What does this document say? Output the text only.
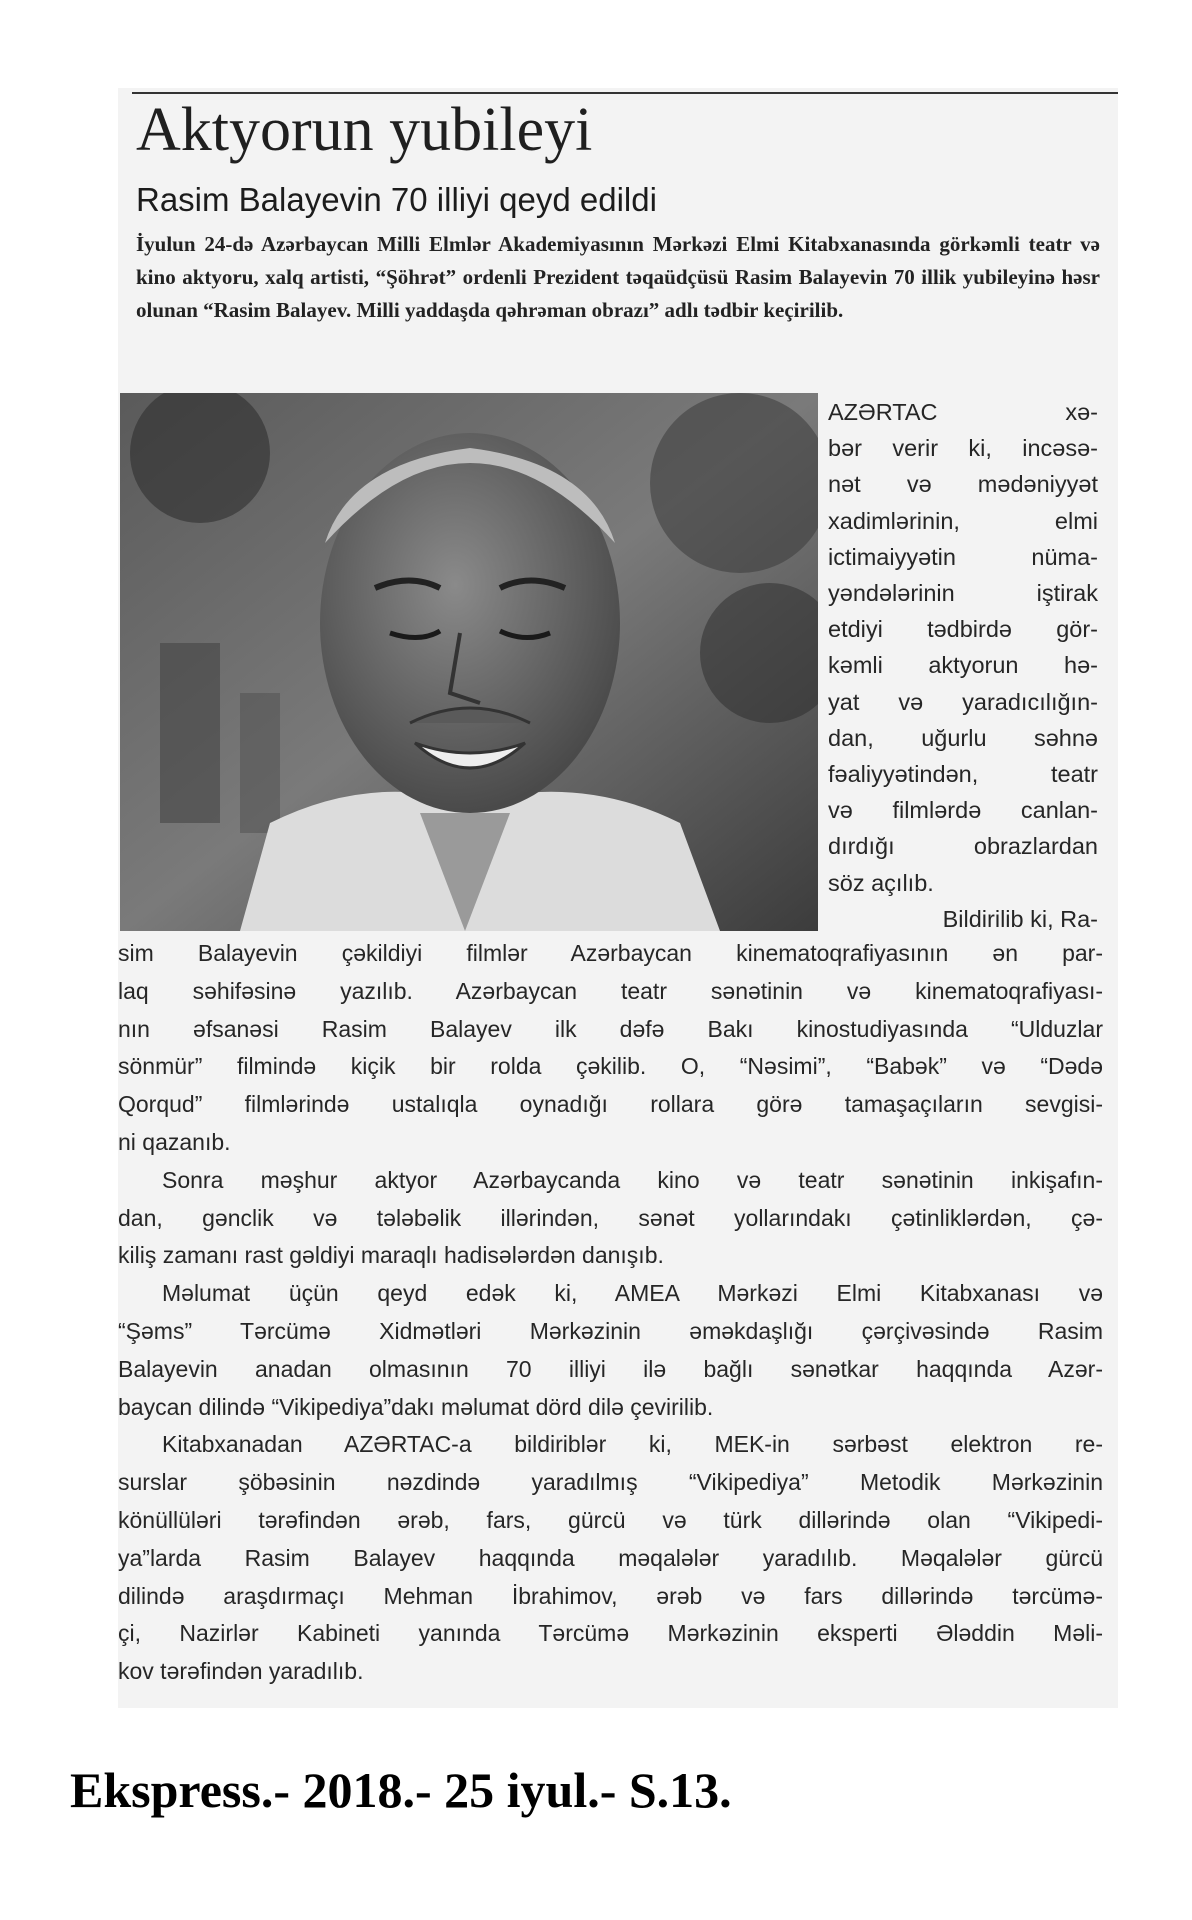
Aktyorun yubileyi
Rasim Balayevin 70 illiyi qeyd edildi
İyulun 24-də Azərbaycan Milli Elmlər Akademiyasının Mərkəzi Elmi Kitabxanasında görkəmli teatr və kino aktyoru, xalq artisti, “Şöhrət” ordenli Prezident təqaüdçüsü Rasim Balayevin 70 illik yubileyinə həsr olunan “Rasim Balayev. Milli yaddaşda qəhrəman obrazı” adlı tədbir keçirilib.
AZƏRTAC xə-
bər verir ki, incəsə-
nət və mədəniyyət
xadimlərinin, elmi
ictimaiyyətin nüma-
yəndələrinin iştirak
etdiyi tədbirdə gör-
kəmli aktyorun hə-
yat və yaradıcılığın-
dan, uğurlu səhnə
fəaliyyətindən, teatr
və filmlərdə canlan-
dırdığı obrazlardan
söz açılıb.
Bildirilib ki, Ra-
sim Balayevin çəkildiyi filmlər Azərbaycan kinematoqrafiyasının ən par-
laq səhifəsinə yazılıb. Azərbaycan teatr sənətinin və kinematoqrafiyası-
nın əfsanəsi Rasim Balayev ilk dəfə Bakı kinostudiyasında “Ulduzlar
sönmür” filmində kiçik bir rolda çəkilib. O, “Nəsimi”, “Babək” və “Dədə
Qorqud” filmlərində ustalıqla oynadığı rollara görə tamaşaçıların sevgisi-
ni qazanıb.
Sonra məşhur aktyor Azərbaycanda kino və teatr sənətinin inkişafın-
dan, gənclik və tələbəlik illərindən, sənət yollarındakı çətinliklərdən, çə-
kiliş zamanı rast gəldiyi maraqlı hadisələrdən danışıb.
Məlumat üçün qeyd edək ki, AMEA Mərkəzi Elmi Kitabxanası və
“Şəms” Tərcümə Xidmətləri Mərkəzinin əməkdaşlığı çərçivəsində Rasim
Balayevin anadan olmasının 70 illiyi ilə bağlı sənətkar haqqında Azər-
baycan dilində “Vikipediya”dakı məlumat dörd dilə çevirilib.
Kitabxanadan AZƏRTAC-a bildiriblər ki, MEK-in sərbəst elektron re-
surslar şöbəsinin nəzdində yaradılmış “Vikipediya” Metodik Mərkəzinin
könüllüləri tərəfindən ərəb, fars, gürcü və türk dillərində olan “Vikipedi-
ya”larda Rasim Balayev haqqında məqalələr yaradılıb. Məqalələr gürcü
dilində araşdırmaçı Mehman İbrahimov, ərəb və fars dillərində tərcümə-
çi, Nazirlər Kabineti yanında Tərcümə Mərkəzinin eksperti Ələddin Məli-
kov tərəfindən yaradılıb.
Ekspress.- 2018.- 25 iyul.- S.13.
